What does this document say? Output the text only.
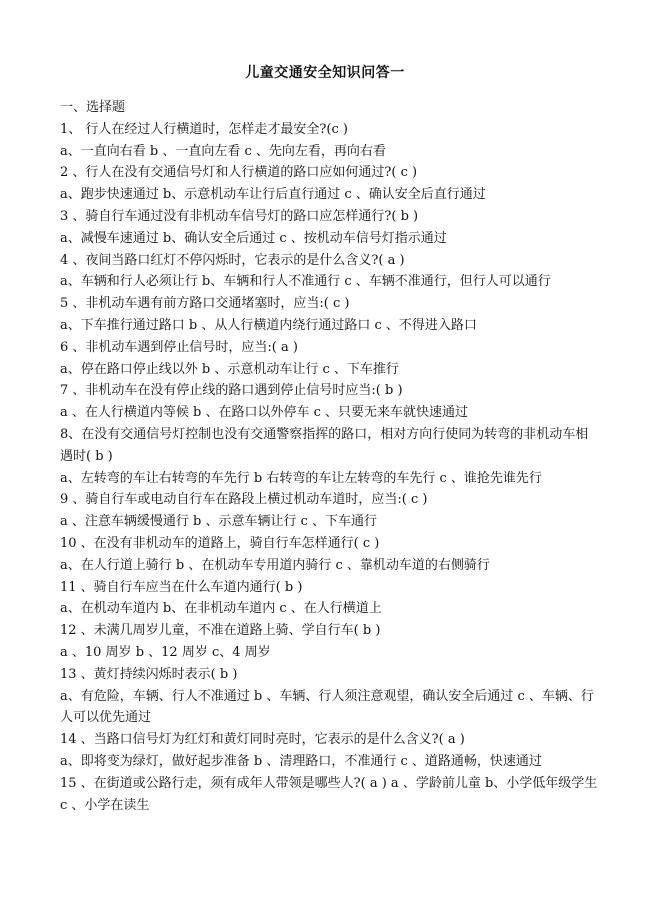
儿童交通安全知识问答一
一、选择题
1、 行人在经过人行横道时，怎样走才最安全?(c )
a、一直向右看 b 、一直向左看 c 、先向左看，再向右看
2 、行人在没有交通信号灯和人行横道的路口应如何通过?( c )
a、跑步快速通过 b、示意机动车让行后直行通过 c 、确认安全后直行通过
3 、骑自行车通过没有非机动车信号灯的路口应怎样通行?( b )
a、减慢车速通过 b、确认安全后通过 c 、按机动车信号灯指示通过
4 、夜间当路口红灯不停闪烁时，它表示的是什么含义?( a )
a、车辆和行人必须让行 b、车辆和行人不准通行 c 、车辆不准通行，但行人可以通行
5 、非机动车遇有前方路口交通堵塞时，应当:( c )
a、下车推行通过路口 b 、从人行横道内绕行通过路口 c 、不得进入路口
6 、非机动车遇到停止信号时，应当:( a )
a、停在路口停止线以外 b 、示意机动车让行 c 、下车推行
7 、非机动车在没有停止线的路口遇到停止信号时应当:( b )
a 、在人行横道内等候 b 、在路口以外停车 c 、只要无来车就快速通过
8、在没有交通信号灯控制也没有交通警察指挥的路口，相对方向行使同为转弯的非机动车相遇时( b )
a、左转弯的车让右转弯的车先行 b 右转弯的车让左转弯的车先行 c 、谁抢先谁先行
9 、骑自行车或电动自行车在路段上横过机动车道时，应当:( c )
a 、注意车辆缓慢通行 b 、示意车辆让行 c 、下车通行
10 、在没有非机动车的道路上，骑自行车怎样通行( c )
a、在人行道上骑行 b 、在机动车专用道内骑行 c 、靠机动车道的右侧骑行
11 、骑自行车应当在什么车道内通行( b )
a、在机动车道内 b、在非机动车道内 c 、在人行横道上
12 、未满几周岁儿童，不准在道路上骑、学自行车( b )
a 、10 周岁 b 、12 周岁 c、4 周岁
13 、黄灯持续闪烁时表示( b )
a、有危险，车辆、行人不准通过 b 、车辆、行人须注意观望，确认安全后通过 c 、车辆、行人可以优先通过
14 、当路口信号灯为红灯和黄灯同时亮时，它表示的是什么含义?( a )
a、即将变为绿灯，做好起步准备 b 、清理路口，不准通行 c 、道路通畅，快速通过
15 、在街道或公路行走，须有成年人带领是哪些人?( a ) a 、学龄前儿童 b、小学低年级学生 c 、小学在读生
